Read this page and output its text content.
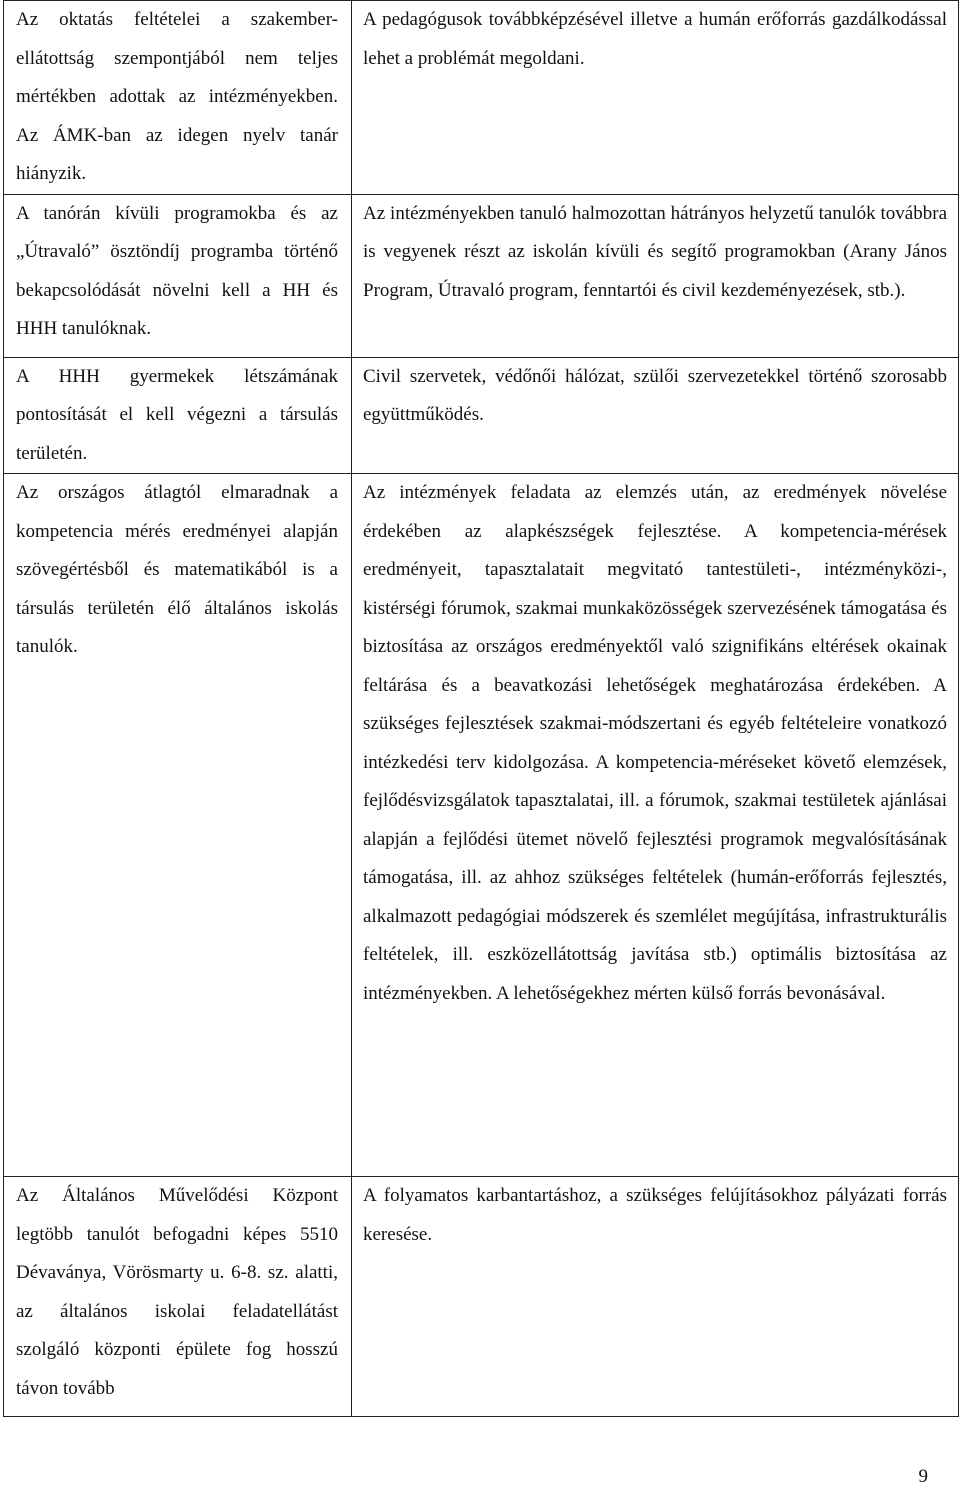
Az oktatás feltételei a szakember-ellátottság szempontjából nem teljes mértékben adottak az intézményekben. Az ÁMK-ban az idegen nyelv tanár hiányzik.	A pedagógusok továbbképzésével illetve a humán erőforrás gazdálkodással lehet a problémát megoldani.

A tanórán kívüli programokba és az „Útravaló” ösztöndíj programba történő bekapcsolódását növelni kell a HH és HHH tanulóknak.	Az intézményekben tanuló halmozottan hátrányos helyzetű tanulók továbbra is vegyenek részt az iskolán kívüli és segítő programokban (Arany János Program, Útravaló program, fenntartói és civil kezdeményezések, stb.).

A HHH gyermekek létszámának pontosítását el kell végezni a társulás területén.	Civil szervetek, védőnői hálózat, szülői szervezetekkel történő szorosabb együttműködés.

Az országos átlagtól elmaradnak a kompetencia mérés eredményei alapján szövegértésből és matematikából is a társulás területén élő általános iskolás tanulók.	Az intézmények feladata az elemzés után, az eredmények növelése érdekében az alapkészségek fejlesztése. A kompetencia-mérések eredményeit, tapasztalatait megvitató tantestületi-, intézményközi-, kistérségi fórumok, szakmai munkaközösségek szervezésének támogatása és biztosítása az országos eredményektől való szignifikáns eltérések okainak feltárása és a beavatkozási lehetőségek meghatározása érdekében. A szükséges fejlesztések szakmai-módszertani és egyéb feltételeire vonatkozó intézkedési terv kidolgozása. A kompetencia-méréseket követő elemzések, fejlődésvizsgálatok tapasztalatai, ill. a fórumok, szakmai testületek ajánlásai alapján a fejlődési ütemet növelő fejlesztési programok megvalósításának támogatása, ill. az ahhoz szükséges feltételek (humán-erőforrás fejlesztés, alkalmazott pedagógiai módszerek és szemlélet megújítása, infrastrukturális feltételek, ill. eszközellátottság javítása stb.) optimális biztosítása az intézményekben. A lehetőségekhez mérten külső forrás bevonásával.

Az Általános Művelődési Központ legtöbb tanulót befogadni képes 5510 Dévaványa, Vörösmarty u. 6-8. sz. alatti, az általános iskolai feladatellátást szolgáló központi épülete fog hosszú távon tovább	A folyamatos karbantartáshoz, a szükséges felújításokhoz pályázati forrás keresése.
9
